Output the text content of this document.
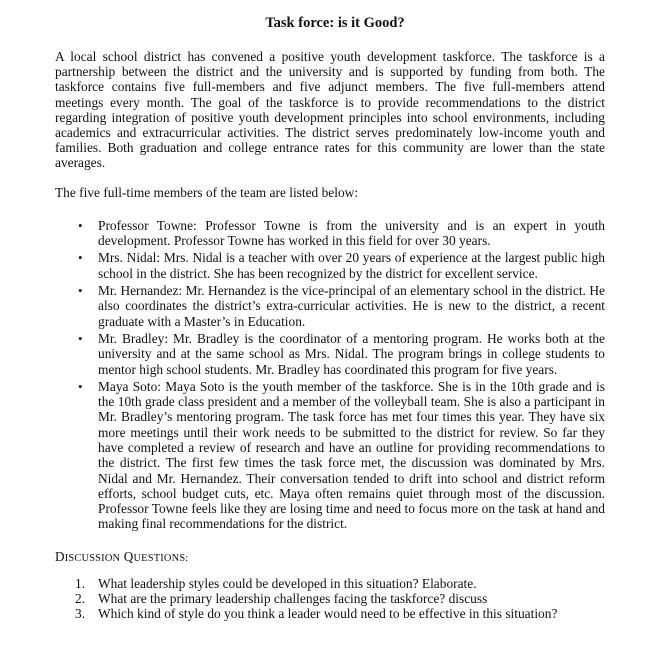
Task force: is it Good?

A local school district has convened a positive youth development taskforce. The taskforce is a partnership between the district and the university and is supported by funding from both. The taskforce contains five full-members and five adjunct members. The five full-members attend meetings every month. The goal of the taskforce is to provide recommendations to the district regarding integration of positive youth development principles into school environments, including academics and extracurricular activities. The district serves predominately low-income youth and families. Both graduation and college entrance rates for this community are lower than the state averages.

The five full-time members of the team are listed below:

• Professor Towne: Professor Towne is from the university and is an expert in youth development. Professor Towne has worked in this field for over 30 years.
• Mrs. Nidal: Mrs. Nidal is a teacher with over 20 years of experience at the largest public high school in the district. She has been recognized by the district for excellent service.
• Mr. Hernandez: Mr. Hernandez is the vice-principal of an elementary school in the district. He also coordinates the district’s extra-curricular activities. He is new to the district, a recent graduate with a Master’s in Education.
• Mr. Bradley: Mr. Bradley is the coordinator of a mentoring program. He works both at the university and at the same school as Mrs. Nidal. The program brings in college students to mentor high school students. Mr. Bradley has coordinated this program for five years.
• Maya Soto: Maya Soto is the youth member of the taskforce. She is in the 10th grade and is the 10th grade class president and a member of the volleyball team. She is also a participant in Mr. Bradley’s mentoring program. The task force has met four times this year. They have six more meetings until their work needs to be submitted to the district for review. So far they have completed a review of research and have an outline for providing recommendations to the district. The first few times the task force met, the discussion was dominated by Mrs. Nidal and Mr. Hernandez. Their conversation tended to drift into school and district reform efforts, school budget cuts, etc. Maya often remains quiet through most of the discussion. Professor Towne feels like they are losing time and need to focus more on the task at hand and making final recommendations for the district.
DISCUSSION QUESTIONS:
1. What leadership styles could be developed in this situation? Elaborate.
2. What are the primary leadership challenges facing the taskforce? discuss
3. Which kind of style do you think a leader would need to be effective in this situation?
